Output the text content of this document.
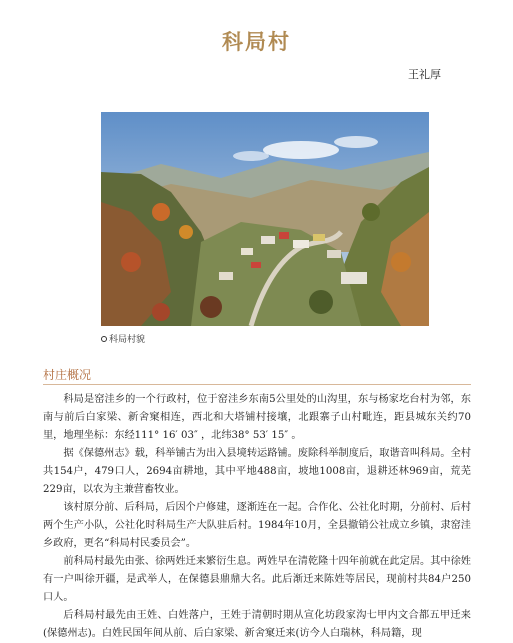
科局村
王礼厚
科局村貌
村庄概况

科局是窑洼乡的一个行政村，位于窑洼乡东南5公里处的山沟里，东与杨家圪台村为邻，东南与前后白家梁、新舍窠相连，西北和大塔铺村接壤，北跟寨子山村毗连，距县城东关约70里，地理坐标：东经111° 16′ 03″ ，北纬38° 53′ 15″ 。

据《保德州志》载，科举铺古为出入县境转运路铺。废除科举制度后，取谐音叫科局。全村共154户，479口人，2694亩耕地，其中平地488亩，坡地1008亩，退耕还林969亩，荒芜229亩，以农为主兼营畜牧业。

该村原分前、后科局，后因个户修建，逐渐连在一起。合作化、公社化时期，分前村、后村两个生产小队，公社化时科局生产大队驻后村。1984年10月，全县撤销公社成立乡镇，隶窑洼乡政府，更名“科局村民委员会”。

前科局村最先由张、徐两姓迁来繁衍生息。两姓早在清乾隆十四年前就在此定居。其中徐姓有一户叫徐开疆，是武举人，在保德县鼎鼎大名。此后渐迁来陈姓等居民，现前村共84户250口人。

后科局村最先由王姓、白姓落户，王姓于清朝时期从宣化坊段家沟七甲内文合都五甲迁来(保德州志)。白姓民国年间从前、后白家梁、新舍窠迁来(访今人白瑞林，科局籍，现
